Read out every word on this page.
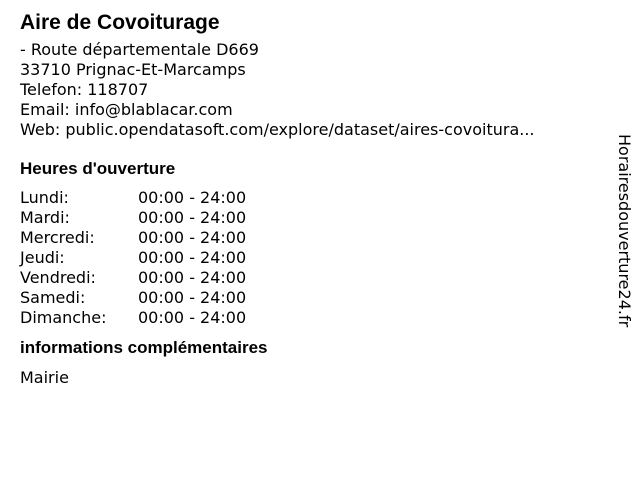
Aire de Covoiturage
- Route départementale D669
33710 Prignac-Et-Marcamps
Telefon: 118707
Email: info@blablacar.com
Web: public.opendatasoft.com/explore/dataset/aires-covoitura...
Heures d'ouverture
Lundi:	00:00 - 24:00
Mardi:	00:00 - 24:00
Mercredi:	00:00 - 24:00
Jeudi:	00:00 - 24:00
Vendredi:	00:00 - 24:00
Samedi:	00:00 - 24:00
Dimanche:	00:00 - 24:00
informations complémentaires
Mairie
Horairesdouverture24.fr
